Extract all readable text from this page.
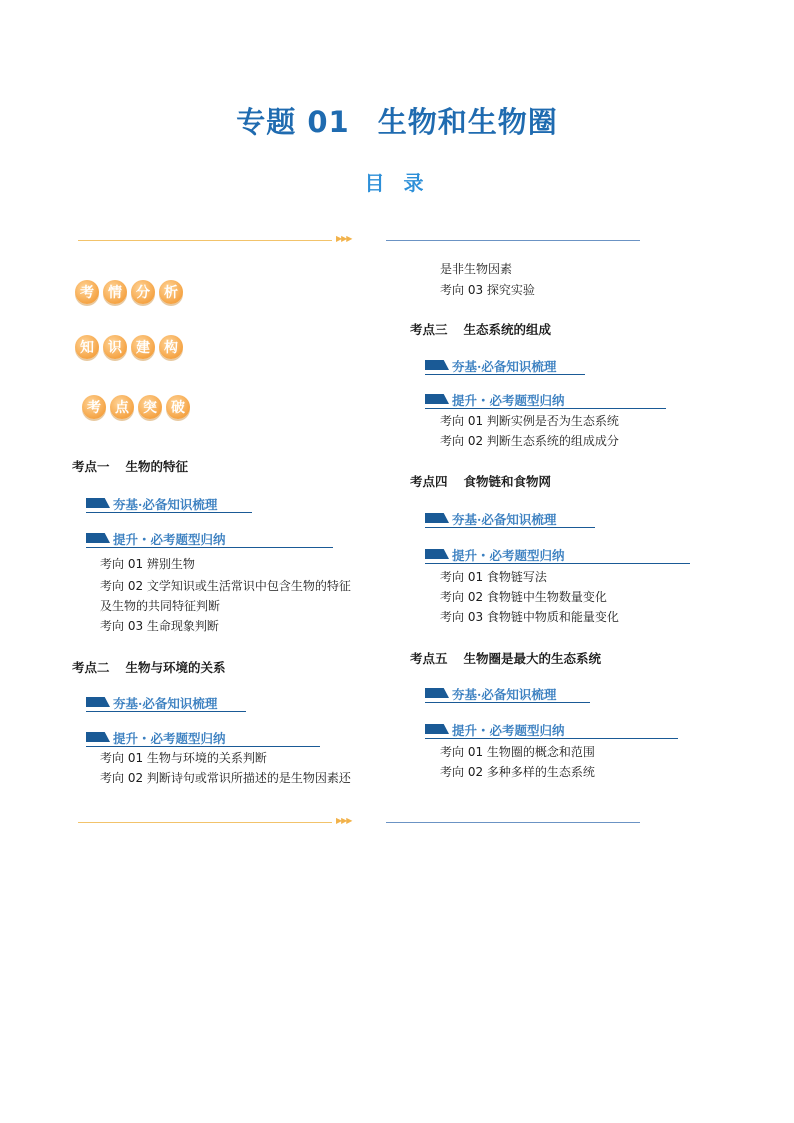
专题 01 生物和生物圈
目 录
▶▶▶
考	情	分	析
知	识	建	构
考	点	突	破
考点一 生物的特征
夯基·必备知识梳理
提升・必考题型归纳
考向 01 辨别生物
考向 02 文学知识或生活常识中包含生物的特征
及生物的共同特征判断
考向 03 生命现象判断
考点二 生物与环境的关系
夯基·必备知识梳理
提升・必考题型归纳
考向 01 生物与环境的关系判断
考向 02 判断诗句或常识所描述的是生物因素还
是非生物因素
考向 03 探究实验
考点三 生态系统的组成
夯基·必备知识梳理
提升・必考题型归纳
考向 01 判断实例是否为生态系统
考向 02 判断生态系统的组成成分
考点四 食物链和食物网
夯基·必备知识梳理
提升・必考题型归纳
考向 01 食物链写法
考向 02 食物链中生物数量变化
考向 03 食物链中物质和能量变化
考点五 生物圈是最大的生态系统
夯基·必备知识梳理
提升・必考题型归纳
考向 01 生物圈的概念和范围
考向 02 多种多样的生态系统
▶▶▶
